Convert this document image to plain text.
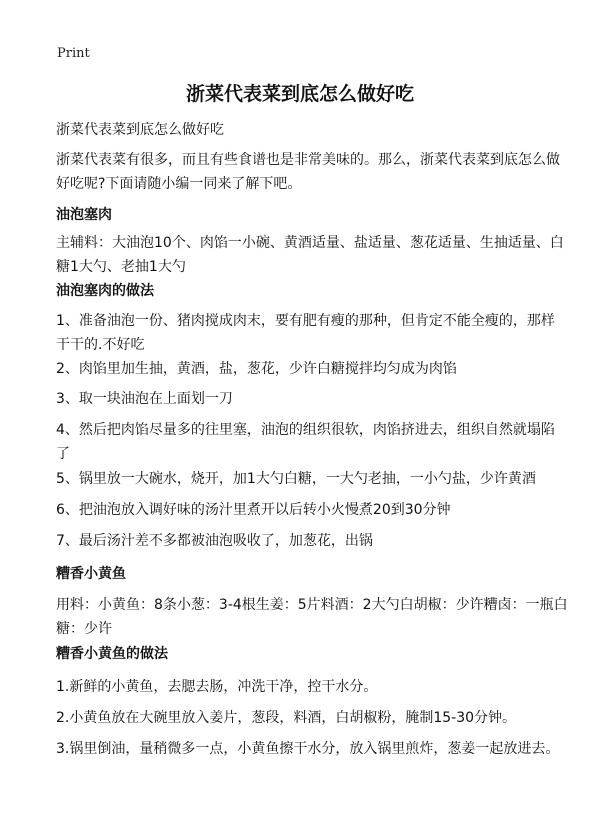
Print
浙菜代表菜到底怎么做好吃

浙菜代表菜到底怎么做好吃

浙菜代表菜有很多，而且有些食谱也是非常美味的。那么，浙菜代表菜到底怎么做
好吃呢?下面请随小编一同来了解下吧。

油泡塞肉

主辅料：大油泡10个、肉馅一小碗、黄酒适量、盐适量、葱花适量、生抽适量、白
糖1大勺、老抽1大勺

油泡塞肉的做法

1、准备油泡一份、猪肉搅成肉末，要有肥有瘦的那种，但肯定不能全瘦的，那样
干干的.不好吃

2、肉馅里加生抽，黄酒，盐，葱花，少许白糖搅拌均匀成为肉馅

3、取一块油泡在上面划一刀

4、然后把肉馅尽量多的往里塞，油泡的组织很软，肉馅挤进去，组织自然就塌陷
了

5、锅里放一大碗水，烧开，加1大勺白糖，一大勺老抽，一小勺盐，少许黄酒

6、把油泡放入调好味的汤汁里煮开以后转小火慢煮20到30分钟

7、最后汤汁差不多都被油泡吸收了，加葱花，出锅

糟香小黄鱼

用料：小黄鱼：8条小葱：3-4根生姜：5片料酒：2大勺白胡椒：少许糟卤：一瓶白
糖：少许

糟香小黄鱼的做法

1.新鲜的小黄鱼，去腮去肠，冲洗干净，控干水分。

2.小黄鱼放在大碗里放入姜片，葱段，料酒，白胡椒粉，腌制15-30分钟。

3.锅里倒油，量稍微多一点，小黄鱼擦干水分，放入锅里煎炸，葱姜一起放进去。
